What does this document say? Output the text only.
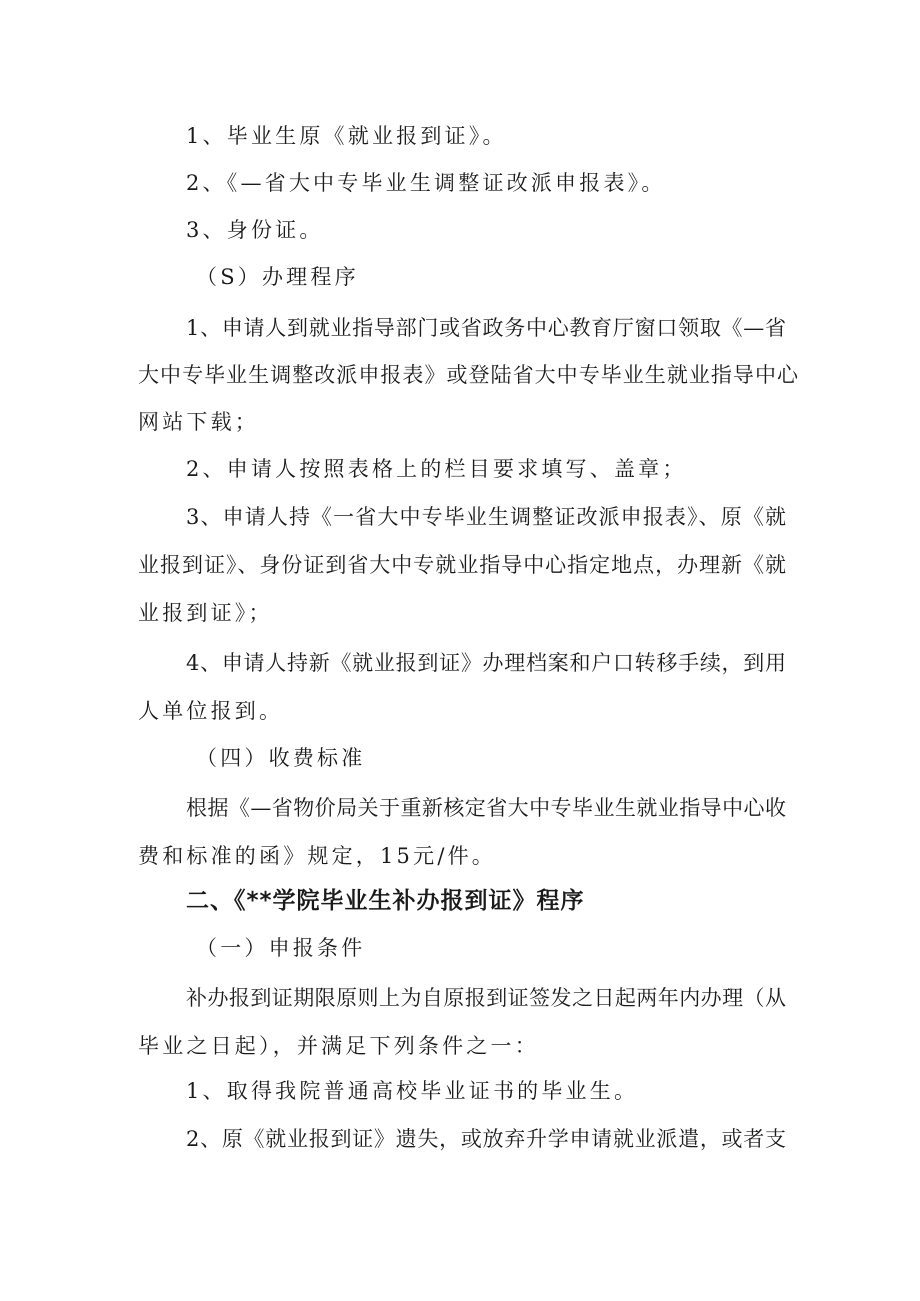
1、毕业生原《就业报到证》。
2、《—省大中专毕业生调整证改派申报表》。
3、身份证。
（S）办理程序
1、申请人到就业指导部门或省政务中心教育厅窗口领取《—省
大中专毕业生调整改派申报表》或登陆省大中专毕业生就业指导中心
网站下载；
2、申请人按照表格上的栏目要求填写、盖章；
3、申请人持《一省大中专毕业生调整证改派申报表》、原《就
业报到证》、身份证到省大中专就业指导中心指定地点，办理新《就
业报到证》；
4、申请人持新《就业报到证》办理档案和户口转移手续，到用
人单位报到。
（四）收费标准
根据《—省物价局关于重新核定省大中专毕业生就业指导中心收
费和标准的函》规定，15元/件。
二、《**学院毕业生补办报到证》程序
（一）申报条件
补办报到证期限原则上为自原报到证签发之日起两年内办理（从
毕业之日起），并满足下列条件之一：
1、取得我院普通高校毕业证书的毕业生。
2、原《就业报到证》遗失，或放弃升学申请就业派遣，或者支
